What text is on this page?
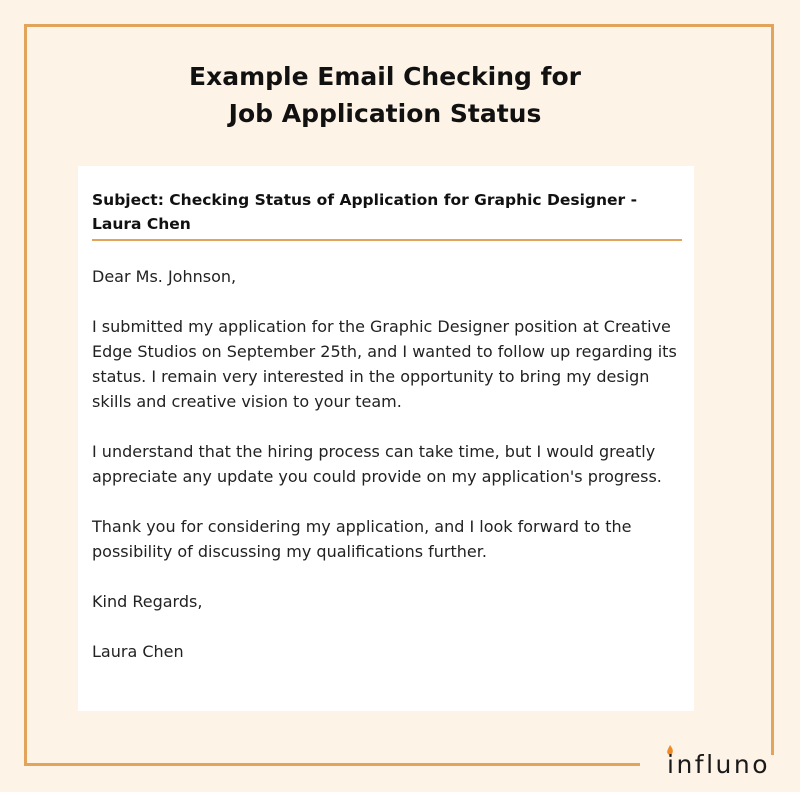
Example Email Checking for
Job Application Status
Subject: Checking Status of Application for Graphic Designer - Laura Chen

Dear Ms. Johnson,

I submitted my application for the Graphic Designer position at Creative Edge Studios on September 25th, and I wanted to follow up regarding its status. I remain very interested in the opportunity to bring my design skills and creative vision to your team.

I understand that the hiring process can take time, but I would greatly appreciate any update you could provide on my application's progress.

Thank you for considering my application, and I look forward to the possibility of discussing my qualifications further.

Kind Regards,

Laura Chen

influno
